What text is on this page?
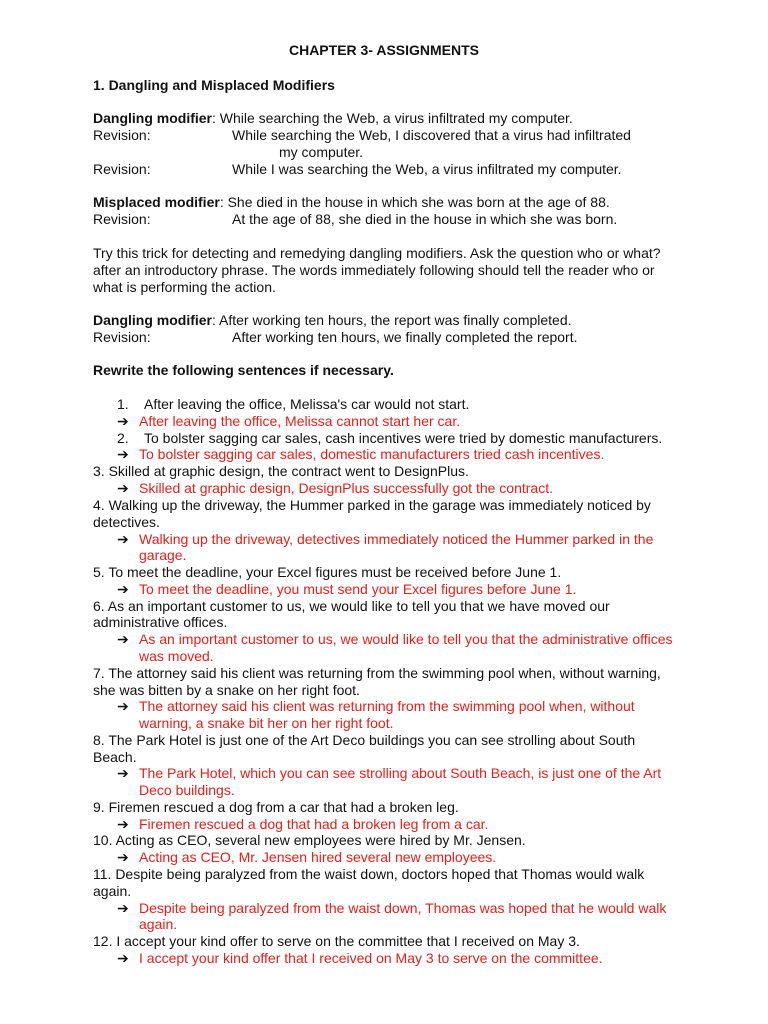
CHAPTER 3- ASSIGNMENTS
1. Dangling and Misplaced Modifiers
Dangling modifier: While searching the Web, a virus infiltrated my computer.
Revision:	While searching the Web, I discovered that a virus had infiltrated
my computer.
Revision:	While I was searching the Web, a virus infiltrated my computer.
Misplaced modifier: She died in the house in which she was born at the age of 88.
Revision:	At the age of 88, she died in the house in which she was born.
Try this trick for detecting and remedying dangling modifiers. Ask the question who or what?
after an introductory phrase. The words immediately following should tell the reader who or
what is performing the action.
Dangling modifier: After working ten hours, the report was finally completed.
Revision:	After working ten hours, we finally completed the report.
Rewrite the following sentences if necessary.
1. After leaving the office, Melissa's car would not start.
➔ After leaving the office, Melissa cannot start her car.
2. To bolster sagging car sales, cash incentives were tried by domestic manufacturers.
➔ To bolster sagging car sales, domestic manufacturers tried cash incentives.
3. Skilled at graphic design, the contract went to DesignPlus.
➔ Skilled at graphic design, DesignPlus successfully got the contract.
4. Walking up the driveway, the Hummer parked in the garage was immediately noticed by
detectives.
➔ Walking up the driveway, detectives immediately noticed the Hummer parked in the
garage.
5. To meet the deadline, your Excel figures must be received before June 1.
➔ To meet the deadline, you must send your Excel figures before June 1.
6. As an important customer to us, we would like to tell you that we have moved our
administrative offices.
➔ As an important customer to us, we would like to tell you that the administrative offices
was moved.
7. The attorney said his client was returning from the swimming pool when, without warning,
she was bitten by a snake on her right foot.
➔ The attorney said his client was returning from the swimming pool when, without
warning, a snake bit her on her right foot.
8. The Park Hotel is just one of the Art Deco buildings you can see strolling about South
Beach.
➔ The Park Hotel, which you can see strolling about South Beach, is just one of the Art
Deco buildings.
9. Firemen rescued a dog from a car that had a broken leg.
➔ Firemen rescued a dog that had a broken leg from a car.
10. Acting as CEO, several new employees were hired by Mr. Jensen.
➔ Acting as CEO, Mr. Jensen hired several new employees.
11. Despite being paralyzed from the waist down, doctors hoped that Thomas would walk
again.
➔ Despite being paralyzed from the waist down, Thomas was hoped that he would walk
again.
12. I accept your kind offer to serve on the committee that I received on May 3.
➔ I accept your kind offer that I received on May 3 to serve on the committee.
